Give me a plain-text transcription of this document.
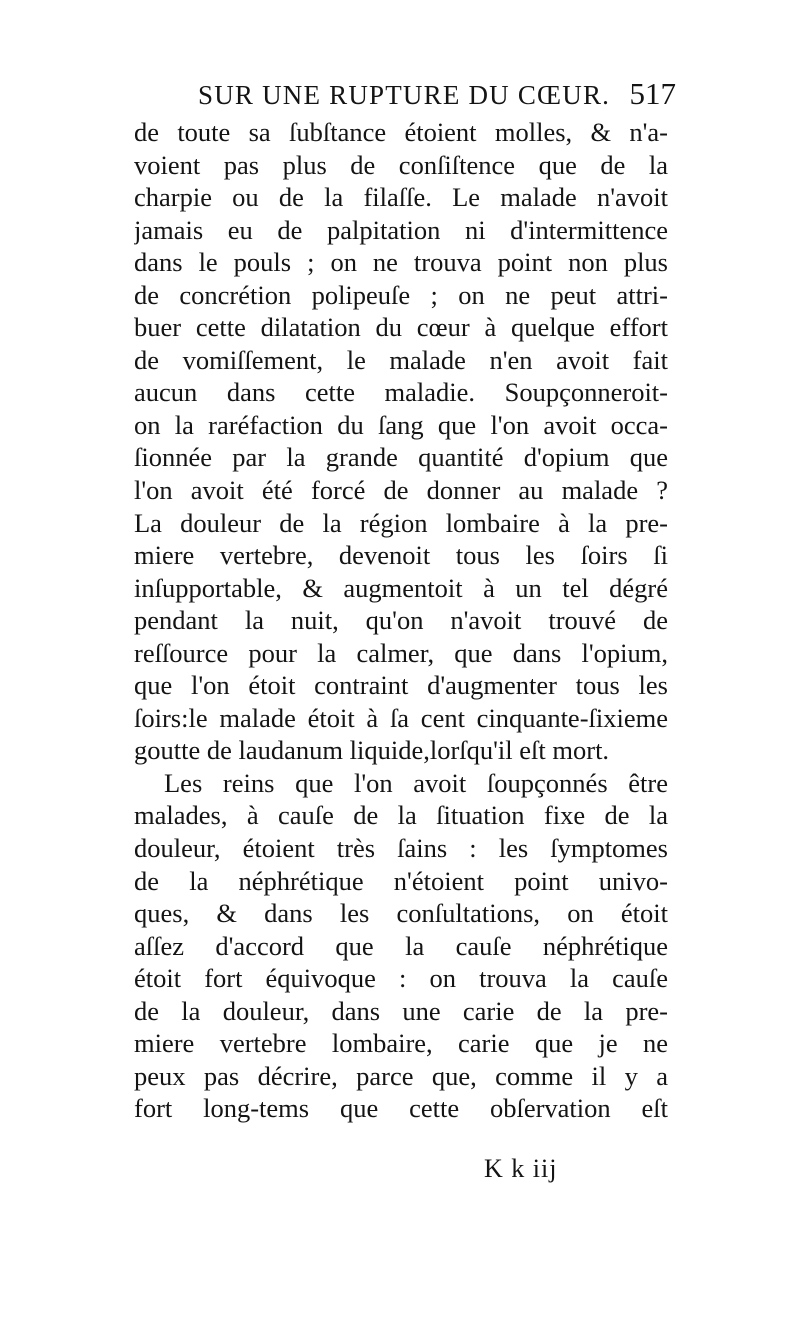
SUR UNE RUPTURE DU CŒUR. 517
de toute sa ſubſtance étoient molles, & n'a-
voient pas plus de conſiſtence que de la
charpie ou de la filaſſe. Le malade n'avoit
jamais eu de palpitation ni d'intermittence
dans le pouls ; on ne trouva point non plus
de concrétion polipeuſe ; on ne peut attri-
buer cette dilatation du cœur à quelque effort
de vomiſſement, le malade n'en avoit fait
aucun dans cette maladie. Soupçonneroit-
on la raréfaction du ſang que l'on avoit occa-
ſionnée par la grande quantité d'opium que
l'on avoit été forcé de donner au malade ?
La douleur de la région lombaire à la pre-
miere vertebre, devenoit tous les ſoirs ſi
inſupportable, & augmentoit à un tel dégré
pendant la nuit, qu'on n'avoit trouvé de
reſſource pour la calmer, que dans l'opium,
que l'on étoit contraint d'augmenter tous les
ſoirs:le malade étoit à ſa cent cinquante-ſixieme
goutte de laudanum liquide,lorſqu'il eſt mort.
Les reins que l'on avoit ſoupçonnés être
malades, à cauſe de la ſituation fixe de la
douleur, étoient très ſains : les ſymptomes
de la néphrétique n'étoient point univo-
ques, & dans les conſultations, on étoit
aſſez d'accord que la cauſe néphrétique
étoit fort équivoque : on trouva la cauſe
de la douleur, dans une carie de la pre-
miere vertebre lombaire, carie que je ne
peux pas décrire, parce que, comme il y a
fort long-tems que cette obſervation eſt
K k iij
